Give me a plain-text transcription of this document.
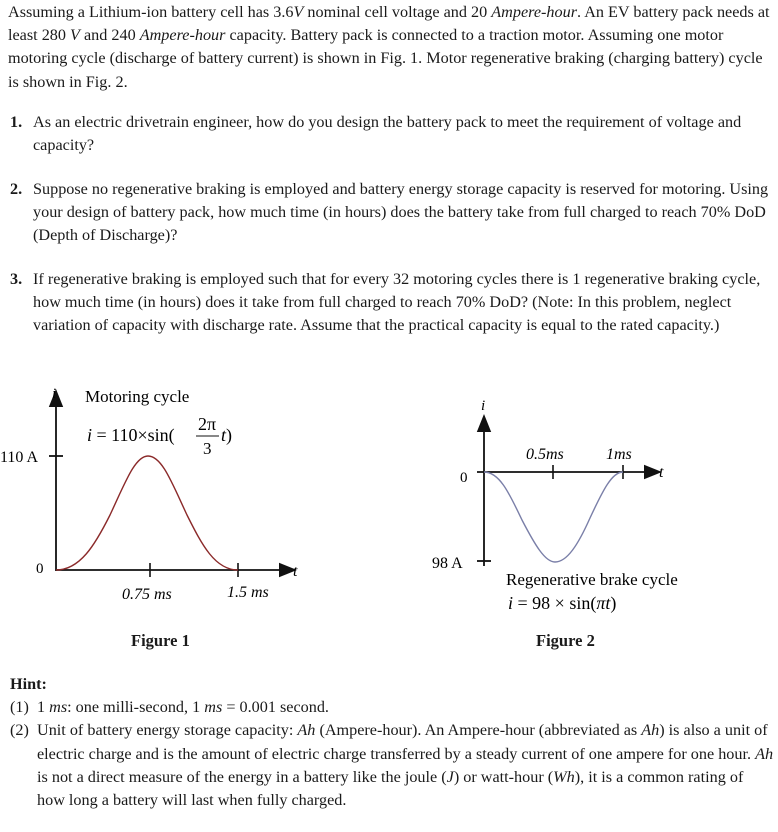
Assuming a Lithium-ion battery cell has 3.6V nominal cell voltage and 20 Ampere-hour. An EV battery pack needs at least 280 V and 240 Ampere-hour capacity. Battery pack is connected to a traction motor. Assuming one motor motoring cycle (discharge of battery current) is shown in Fig. 1. Motor regenerative braking (charging battery) cycle is shown in Fig. 2.
1. As an electric drivetrain engineer, how do you design the battery pack to meet the requirement of voltage and capacity?
2. Suppose no regenerative braking is employed and battery energy storage capacity is reserved for motoring. Using your design of battery pack, how much time (in hours) does the battery take from full charged to reach 70% DoD (Depth of Discharge)?
3. If regenerative braking is employed such that for every 32 motoring cycles there is 1 regenerative braking cycle, how much time (in hours) does it take from full charged to reach 70% DoD? (Note: In this problem, neglect variation of capacity with discharge rate. Assume that the practical capacity is equal to the rated capacity.)
i
t
110 A
0
0.75 ms	1.5 ms
Motoring cycle
i = 110×sin(
2π
3
t)
Figure 1
i
t
0
98 A
0.5ms	1ms
Regenerative brake cycle
i = 98 × sin(πt)
Figure 2
Hint:
(1) 1 ms: one milli-second, 1 ms = 0.001 second.
(2) Unit of battery energy storage capacity: Ah (Ampere-hour). An Ampere-hour (abbreviated as Ah) is also a unit of electric charge and is the amount of electric charge transferred by a steady current of one ampere for one hour. Ah is not a direct measure of the energy in a battery like the joule (J) or watt-hour (Wh), it is a common rating of how long a battery will last when fully charged.
